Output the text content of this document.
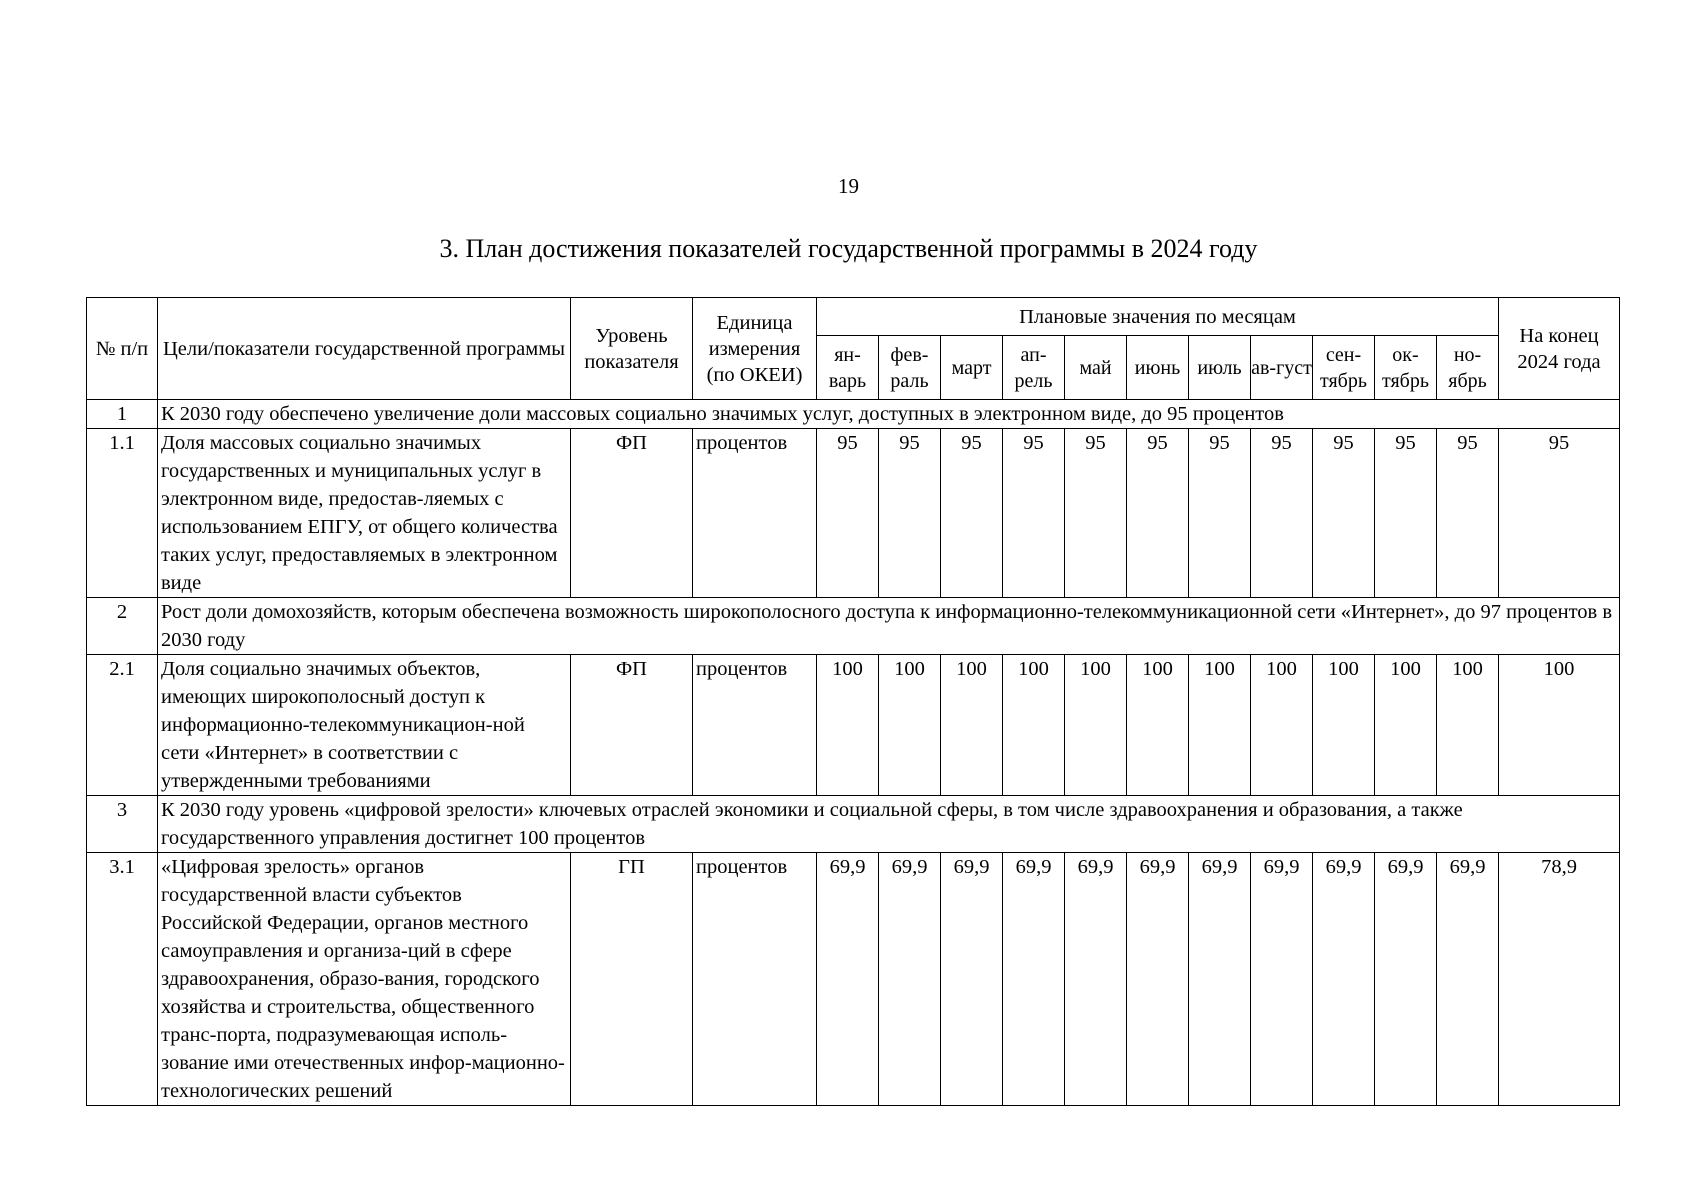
19
3. План достижения показателей государственной программы в 2024 году
№ п/п	Цели/показатели государственной программы	Уровень показателя	Единица измерения (по ОКЕИ)	Плановые значения по месяцам											На конец 2024 года
				ян-варь	фев-раль	март	ап-рель	май	июнь	июль	ав-густ	сен-тябрь	ок-тябрь	но-ябрь	
1	К 2030 году обеспечено увеличение доли массовых социально значимых услуг, доступных в электронном виде, до 95 процентов														
1.1	Доля массовых социально значимых государственных и муниципальных услуг в электронном виде, предостав-ляемых с использованием ЕПГУ, от общего количества таких услуг, предоставляемых в электронном виде	ФП	процентов	95	95	95	95	95	95	95	95	95	95	95	95
2	Рост доли домохозяйств, которым обеспечена возможность широкополосного доступа к информационно-телекоммуникационной сети «Интернет», до 97 процентов в 2030 году														
2.1	Доля социально значимых объектов, имеющих широкополосный доступ к информационно-телекоммуникацион-ной сети «Интернет» в соответствии с утвержденными требованиями	ФП	процентов	100	100	100	100	100	100	100	100	100	100	100	100
3	К 2030 году уровень «цифровой зрелости» ключевых отраслей экономики и социальной сферы, в том числе здравоохранения и образования, а также государственного управления достигнет 100 процентов														
3.1	«Цифровая зрелость» органов государственной власти субъектов Российской Федерации, органов местного самоуправления и организа-ций в сфере здравоохранения, образо-вания, городского хозяйства и строительства, общественного транс-порта, подразумевающая исполь-зование ими отечественных инфор-мационно-технологических решений	ГП	процентов	69,9	69,9	69,9	69,9	69,9	69,9	69,9	69,9	69,9	69,9	69,9	78,9
